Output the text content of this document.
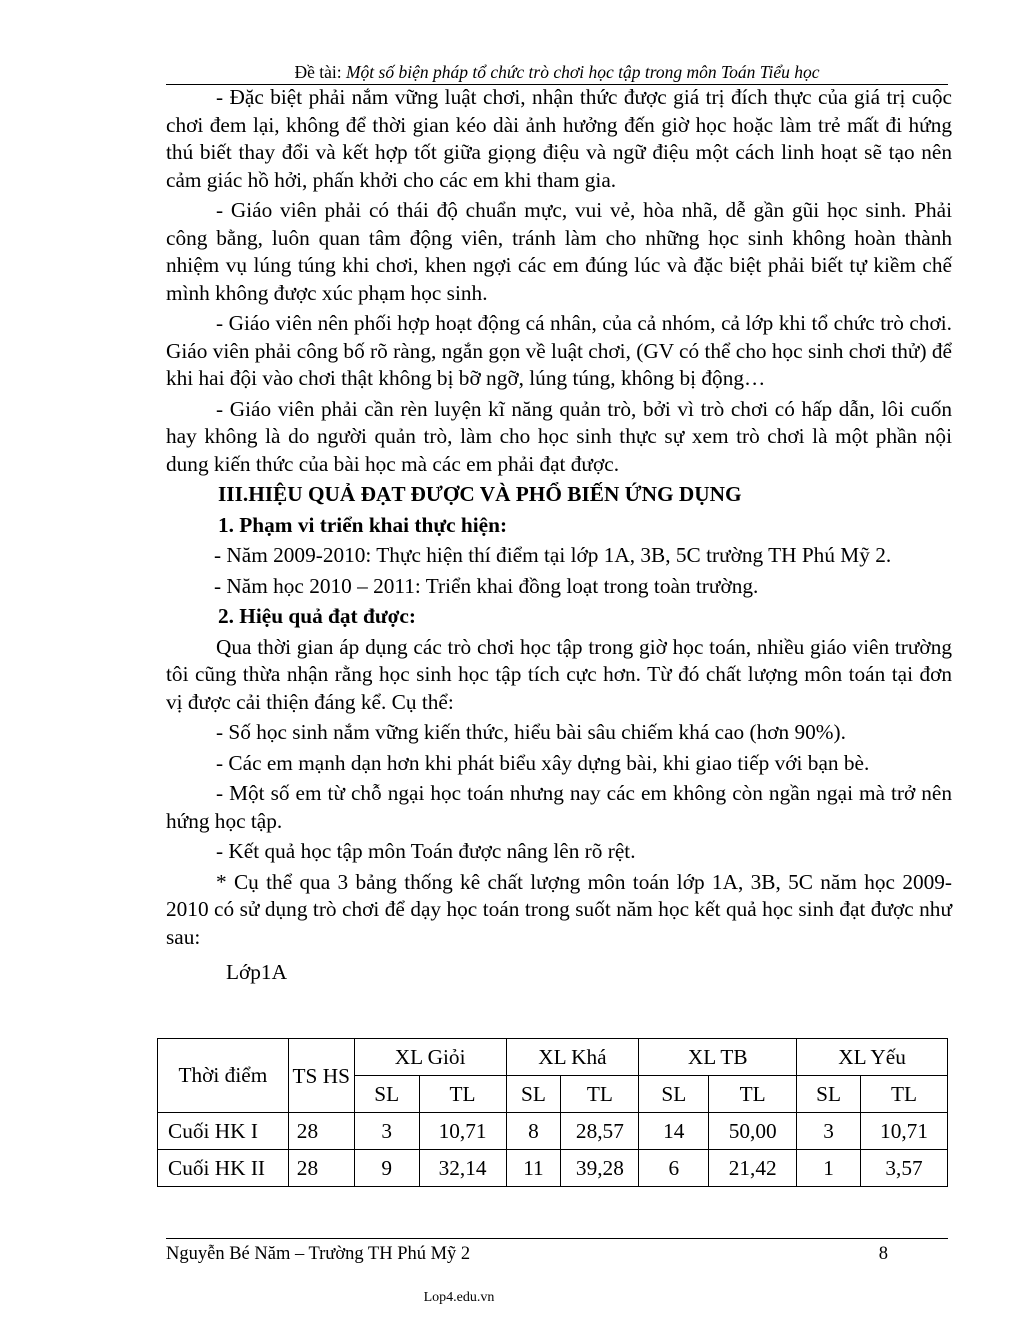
Đề tài: Một số biện pháp tổ chức trò chơi học tập trong môn Toán Tiểu học

- Đặc biệt phải nắm vững luật chơi, nhận thức được giá trị đích thực của giá trị cuộc chơi đem lại, không để thời gian kéo dài ảnh hưởng đến giờ học hoặc làm trẻ mất đi hứng thú biết thay đổi và kết hợp tốt giữa giọng điệu và ngữ điệu một cách linh hoạt sẽ tạo nên cảm giác hồ hởi, phấn khởi cho các em khi tham gia.

- Giáo viên phải có thái độ chuẩn mực, vui vẻ, hòa nhã, dễ gần gũi học sinh. Phải công bằng, luôn quan tâm động viên, tránh làm cho những học sinh không hoàn thành nhiệm vụ lúng túng khi chơi, khen ngợi các em đúng lúc và đặc biệt phải biết tự kiềm chế mình không được xúc phạm học sinh.

- Giáo viên nên phối hợp hoạt động cá nhân, của cả nhóm, cả lớp khi tổ chức trò chơi. Giáo viên phải công bố rõ ràng, ngắn gọn về luật chơi, (GV có thể cho học sinh chơi thử) để khi hai đội vào chơi thật không bị bỡ ngỡ, lúng túng, không bị động…

- Giáo viên phải cần rèn luyện kĩ năng quản trò, bởi vì trò chơi có hấp dẫn, lôi cuốn hay không là do người quản trò, làm cho học sinh thực sự xem trò chơi là một phần nội dung kiến thức của bài học mà các em phải đạt được.

III.HIỆU QUẢ ĐẠT ĐƯỢC VÀ PHỔ BIẾN ỨNG DỤNG
1. Phạm vi triển khai thực hiện:
- Năm 2009-2010: Thực hiện thí điểm tại lớp 1A, 3B, 5C trường TH Phú Mỹ 2.
- Năm học 2010 – 2011: Triển khai đồng loạt trong toàn trường.
2. Hiệu quả đạt được:

Qua thời gian áp dụng các trò chơi học tập trong giờ học toán, nhiều giáo viên trường tôi cũng thừa nhận rằng học sinh học tập tích cực hơn. Từ đó chất lượng môn toán tại đơn vị được cải thiện đáng kể. Cụ thể:

- Số học sinh nắm vững kiến thức, hiểu bài sâu chiếm khá cao (hơn 90%).

- Các em mạnh dạn hơn khi phát biểu xây dựng bài, khi giao tiếp với bạn bè.

- Một số em từ chỗ ngại học toán nhưng nay các em không còn ngần ngại mà trở nên hứng học tập.

- Kết quả học tập môn Toán được nâng lên rõ rệt.

* Cụ thể qua 3 bảng thống kê chất lượng môn toán lớp 1A, 3B, 5C năm học 2009-2010 có sử dụng trò chơi để dạy học toán trong suốt năm học kết quả học sinh đạt được như sau:

Lớp1A
Thời điểm	TS HS	XL Giỏi		XL Khá		XL TB		XL Yếu	
		SL	TL	SL	TL	SL	TL	SL	TL
Cuối HK I	28	3	10,71	8	28,57	14	50,00	3	10,71
Cuối HK II	28	9	32,14	11	39,28	6	21,42	1	3,57
Nguyễn Bé Năm – Trường TH Phú Mỹ 2	8
Lop4.edu.vn
